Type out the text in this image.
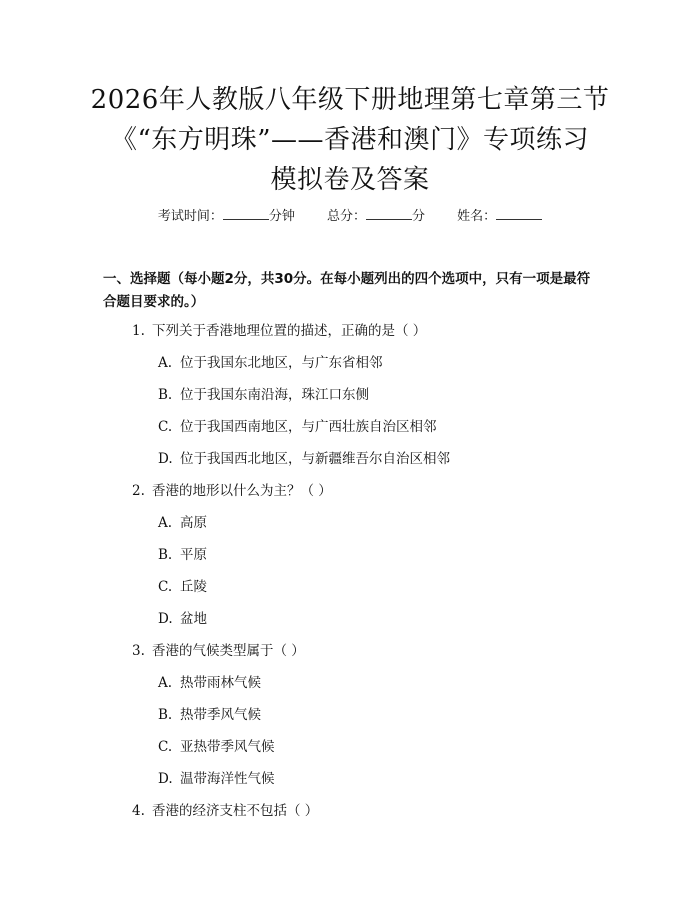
2026年人教版八年级下册地理第七章第三节
《“东方明珠”——香港和澳门》专项练习
模拟卷及答案
考试时间：	分钟 总分：	分 姓名：
一、选择题（每小题2分，共30分。在每小题列出的四个选项中，只有一项是最符合题目要求的。）
1. 下列关于香港地理位置的描述，正确的是（ ）
A. 位于我国东北地区，与广东省相邻
B. 位于我国东南沿海，珠江口东侧
C. 位于我国西南地区，与广西壮族自治区相邻
D. 位于我国西北地区，与新疆维吾尔自治区相邻
2. 香港的地形以什么为主？（ ）
A. 高原
B. 平原
C. 丘陵
D. 盆地
3. 香港的气候类型属于（ ）
A. 热带雨林气候
B. 热带季风气候
C. 亚热带季风气候
D. 温带海洋性气候
4. 香港的经济支柱不包括（ ）
